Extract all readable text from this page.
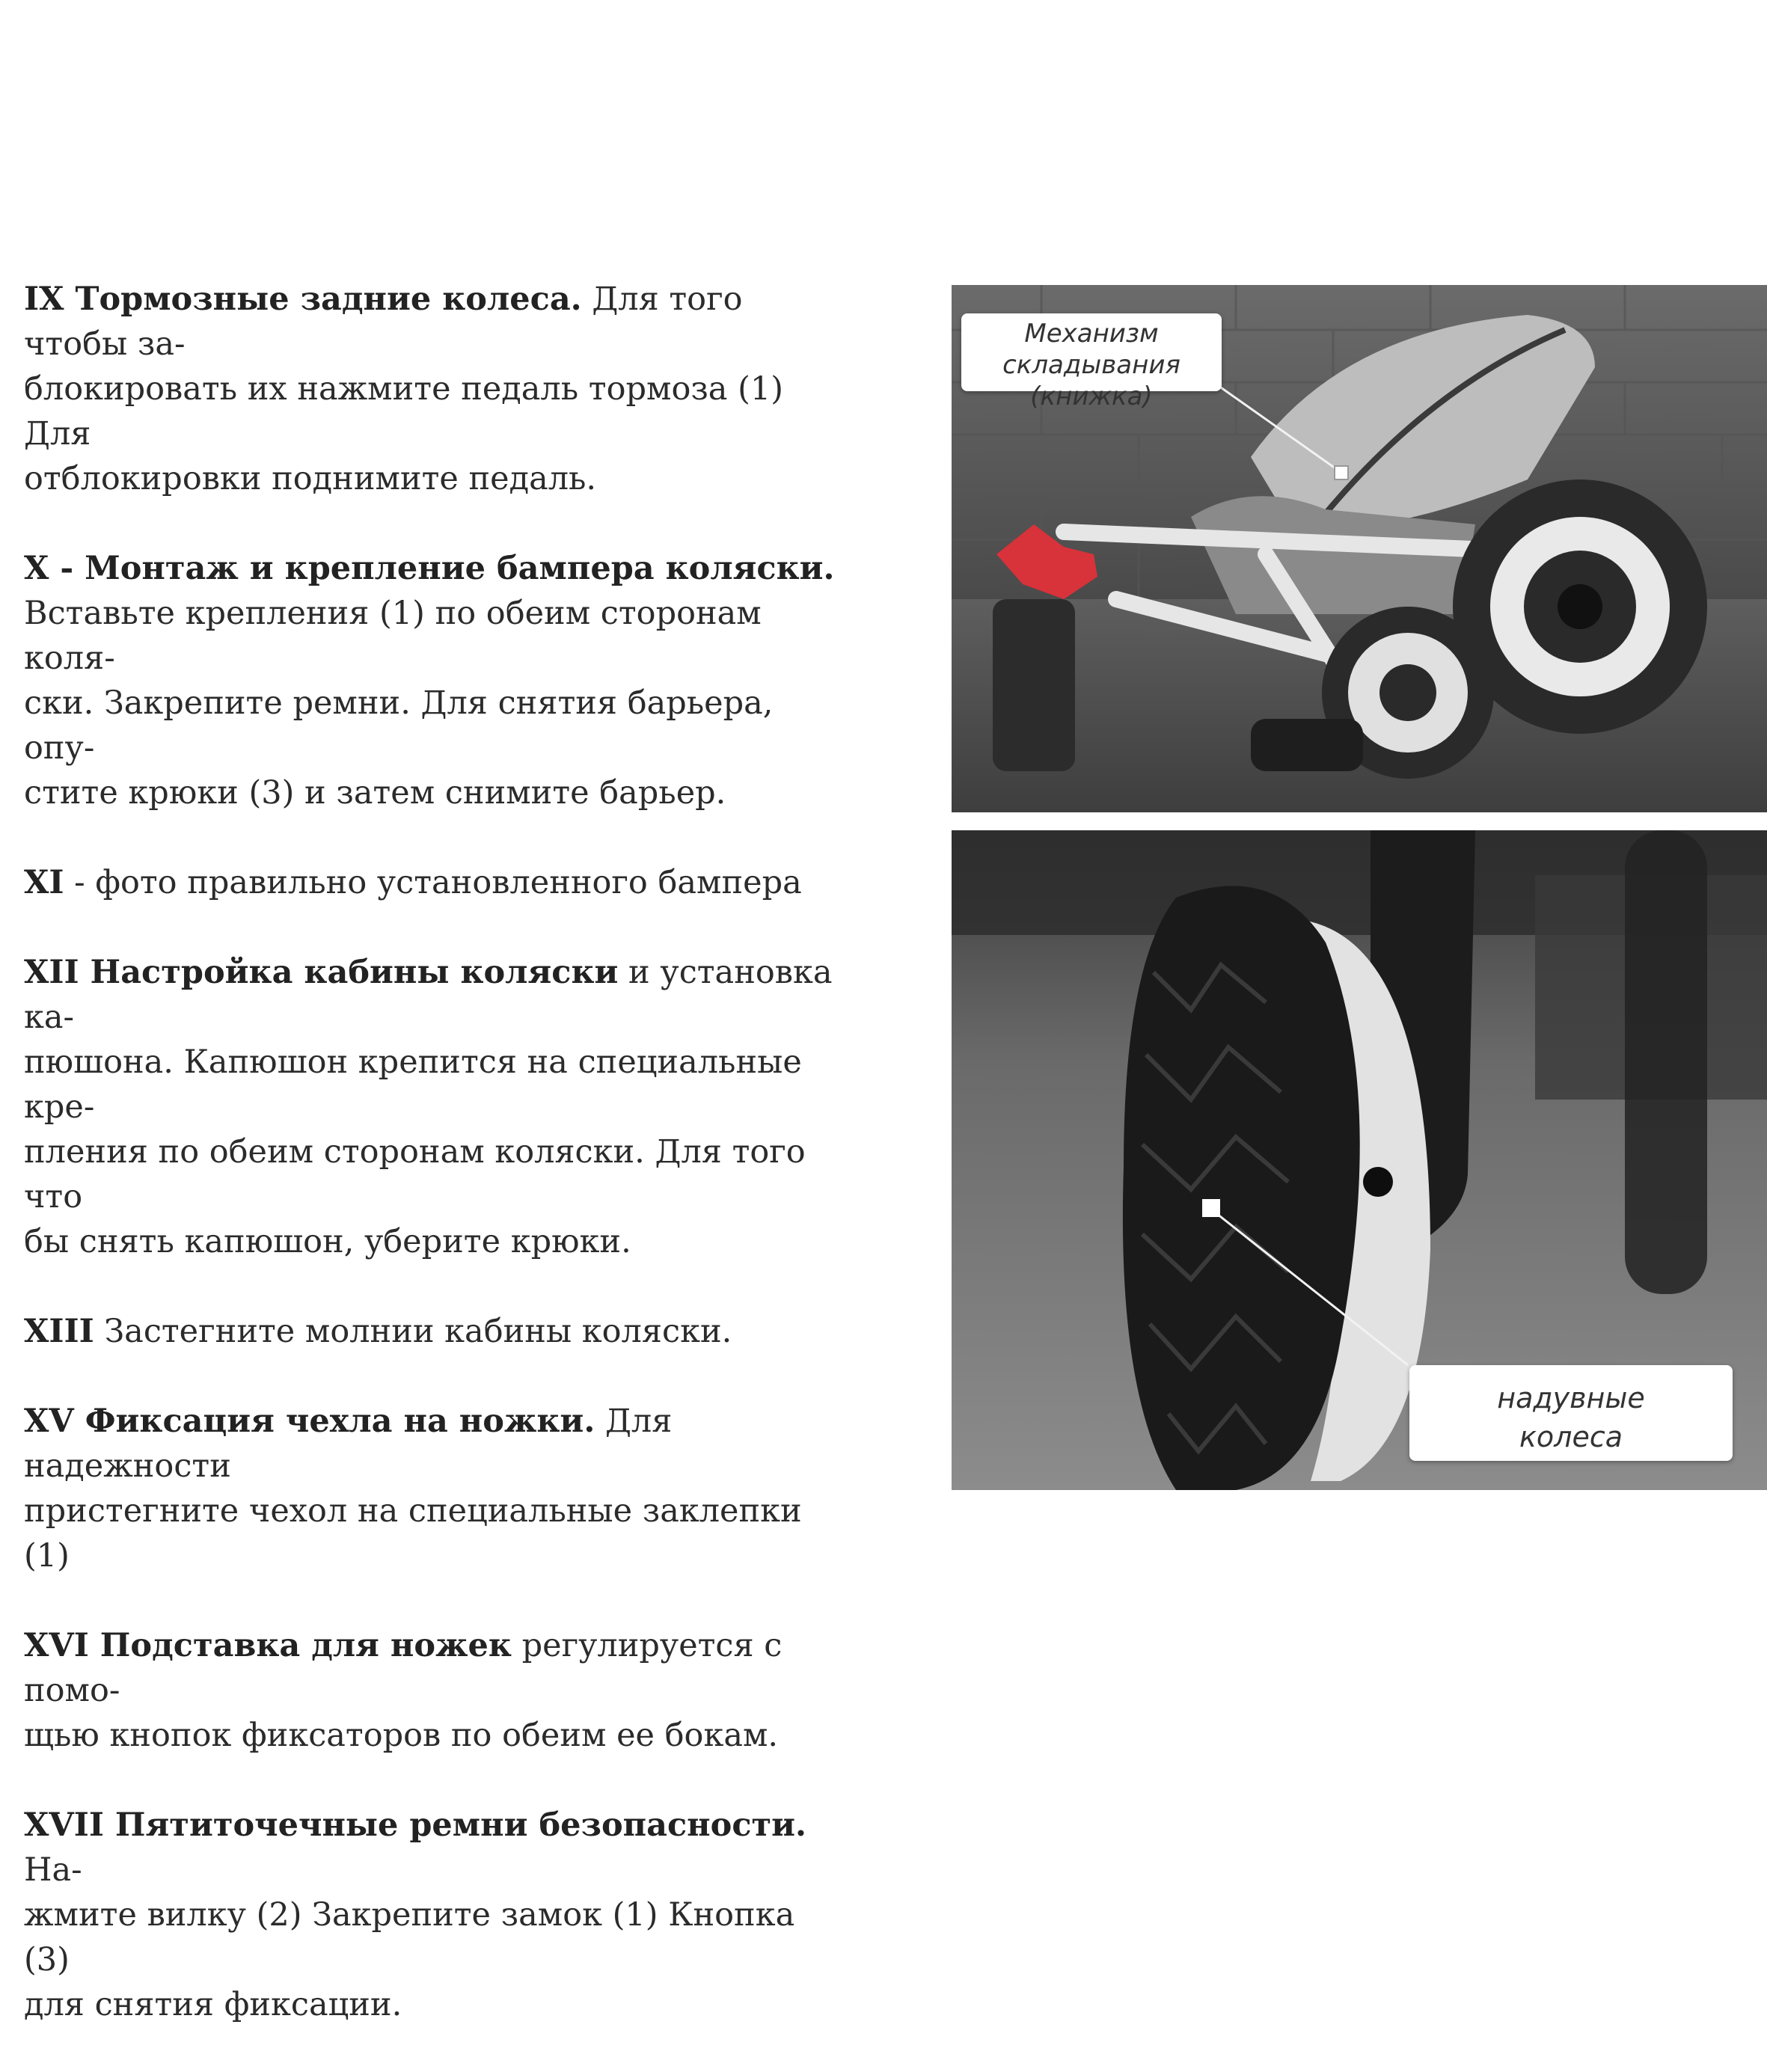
IX Тормозные задние колеса. Для того чтобы за-
блокировать их нажмите педаль тормоза (1) Для
отблокировки поднимите педаль.

X - Монтаж и крепление бампера коляски.
Вставьте крепления (1) по обеим сторонам коля-
ски. Закрепите ремни. Для снятия барьера, опу-
стите крюки (3) и затем снимите барьер.

XI - фото правильно установленного бампера

XII Настройка кабины коляски и установка ка-
пюшона. Капюшон крепится на специальные кре-
пления по обеим сторонам коляски. Для того что
бы снять капюшон, уберите крюки.

XIII Застегните молнии кабины коляски.

XV Фиксация чехла на ножки. Для надежности
пристегните чехол на специальные заклепки (1)

XVI Подставка для ножек регулируется с помо-
щью кнопок фиксаторов по обеим ее бокам.

XVII Пятиточечные ремни безопасности. На-
жмите вилку (2) Закрепите замок (1) Кнопка (3)
для снятия фиксации.

Механизм
складывания (книжка)
надувные
колеса
